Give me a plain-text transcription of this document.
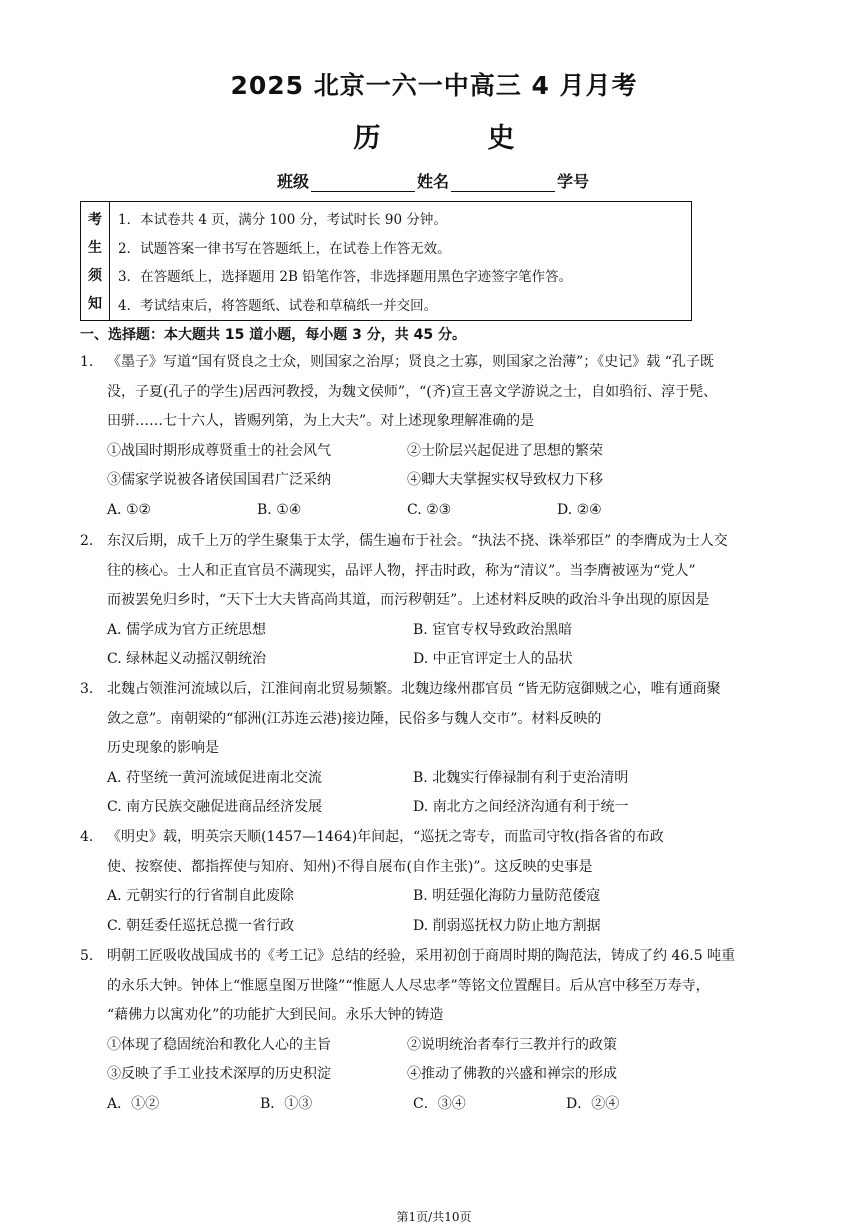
2025 北京一六一中高三 4 月月考
历　史
班级	姓名	学号
考
生
须
知
1．本试卷共 4 页，满分 100 分，考试时长 90 分钟。
2．试题答案一律书写在答题纸上，在试卷上作答无效。
3．在答题纸上，选择题用 2B 铅笔作答，非选择题用黑色字迹签字笔作答。
4．考试结束后，将答题纸、试卷和草稿纸一并交回。
一、选择题：本大题共 15 道小题，每小题 3 分，共 45 分。
1. 《墨子》写道“国有贤良之士众，则国家之治厚；贤良之士寡，则国家之治薄”；《史记》载 “孔子既
没，子夏(孔子的学生)居西河教授，为魏文侯师”，“(齐)宣王喜文学游说之士，自如驺衍、淳于髡、
田骈……七十六人，皆赐列第，为上大夫”。对上述现象理解准确的是
①战国时期形成尊贤重士的社会风气	②士阶层兴起促进了思想的繁荣
③儒家学说被各诸侯国国君广泛采纳	④卿大夫掌握实权导致权力下移
A. ①②	B. ①④	C. ②③	D. ②④
2. 东汉后期，成千上万的学生聚集于太学，儒生遍布于社会。“执法不挠、诛举邪臣” 的李膺成为士人交
往的核心。士人和正直官员不满现实，品评人物，抨击时政，称为“清议”。当李膺被诬为“党人”
而被罢免归乡时，“天下士大夫皆高尚其道，而污秽朝廷”。上述材料反映的政治斗争出现的原因是
A. 儒学成为官方正统思想	B. 宦官专权导致政治黑暗
C. 绿林起义动摇汉朝统治	D. 中正官评定士人的品状
3. 北魏占领淮河流域以后，江淮间南北贸易频繁。北魏边缘州郡官员 “皆无防寇御贼之心，唯有通商聚
敛之意”。南朝梁的“郁洲(江苏连云港)接边陲，民俗多与魏人交市”。材料反映的
历史现象的影响是
A. 苻坚统一黄河流域促进南北交流	B. 北魏实行俸禄制有利于吏治清明
C. 南方民族交融促进商品经济发展	D. 南北方之间经济沟通有利于统一
4. 《明史》载，明英宗天顺(1457—1464)年间起，“巡抚之寄专，而监司守牧(指各省的布政
使、按察使、都指挥使与知府、知州)不得自展布(自作主张)”。这反映的史事是
A. 元朝实行的行省制自此废除	B. 明廷强化海防力量防范倭寇
C. 朝廷委任巡抚总揽一省行政	D. 削弱巡抚权力防止地方割据
5. 明朝工匠吸收战国成书的《考工记》总结的经验，采用初创于商周时期的陶范法，铸成了约 46.5 吨重
的永乐大钟。钟体上“惟愿皇图万世隆”“惟愿人人尽忠孝”等铭文位置醒目。后从宫中移至万寿寺，
“藉佛力以寓劝化”的功能扩大到民间。永乐大钟的铸造
①体现了稳固统治和教化人心的主旨	②说明统治者奉行三教并行的政策
③反映了手工业技术深厚的历史积淀	④推动了佛教的兴盛和禅宗的形成
A．①②	B．①③	C．③④	D．②④
第1页/共10页
